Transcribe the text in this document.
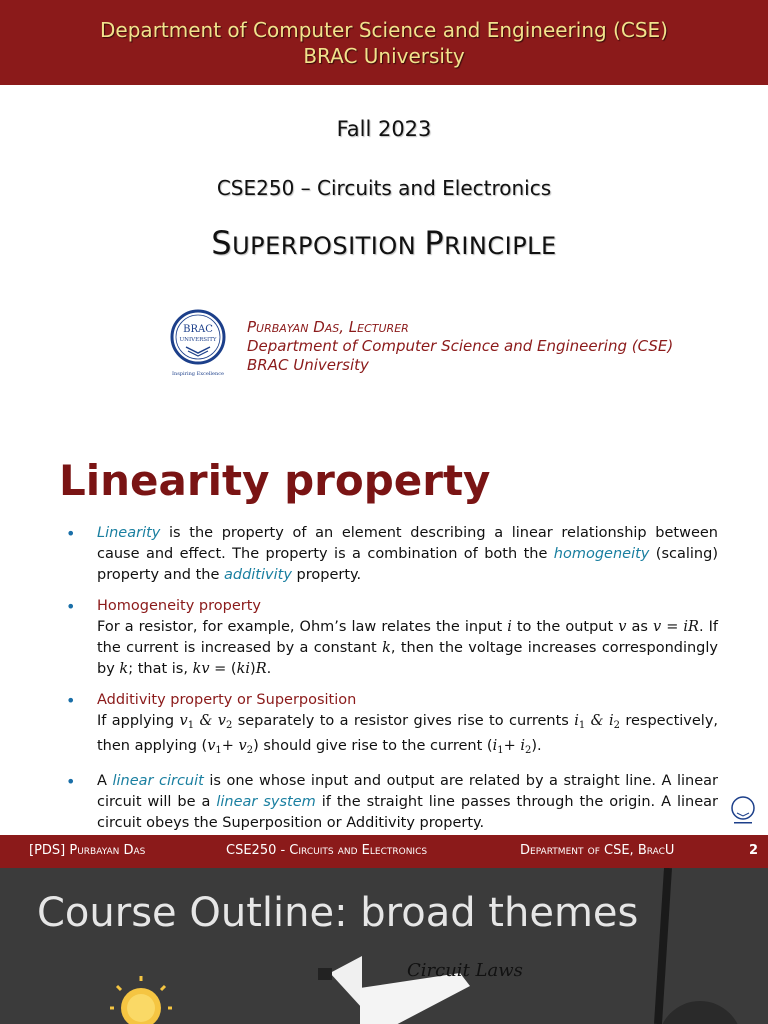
Department of Computer Science and Engineering (CSE)
BRAC University
Fall 2023
CSE250 – Circuits and Electronics
SUPERPOSITION PRINCIPLE
BRAC
UNIVERSITY
Inspiring Excellence
Purbayan Das, Lecturer
Department of Computer Science and Engineering (CSE)
BRAC University
Linearity property
• Linearity is the property of an element describing a linear relationship between cause and effect. The property is a combination of both the homogeneity (scaling) property and the additivity property.
• Homogeneity property
For a resistor, for example, Ohm’s law relates the input i to the output v as v = iR. If the current is increased by a constant k, then the voltage increases correspondingly by k; that is, kv = (ki)R.
• Additivity property or Superposition
If applying $v_1$ & $v_2$ separately to a resistor gives rise to currents $i_1$ & $i_2$ respectively, then applying $(v_1+ v_2)$ should give rise to the current $(i_1+ i_2)$.
• A linear circuit is one whose input and output are related by a straight line. A linear circuit will be a linear system if the straight line passes through the origin. A linear circuit obeys the Superposition or Additivity property.
[PDS] Purbayan Das	CSE250 - Circuits and Electronics	Department of CSE, BracU	2
Course Outline: broad themes
Circuit Laws
